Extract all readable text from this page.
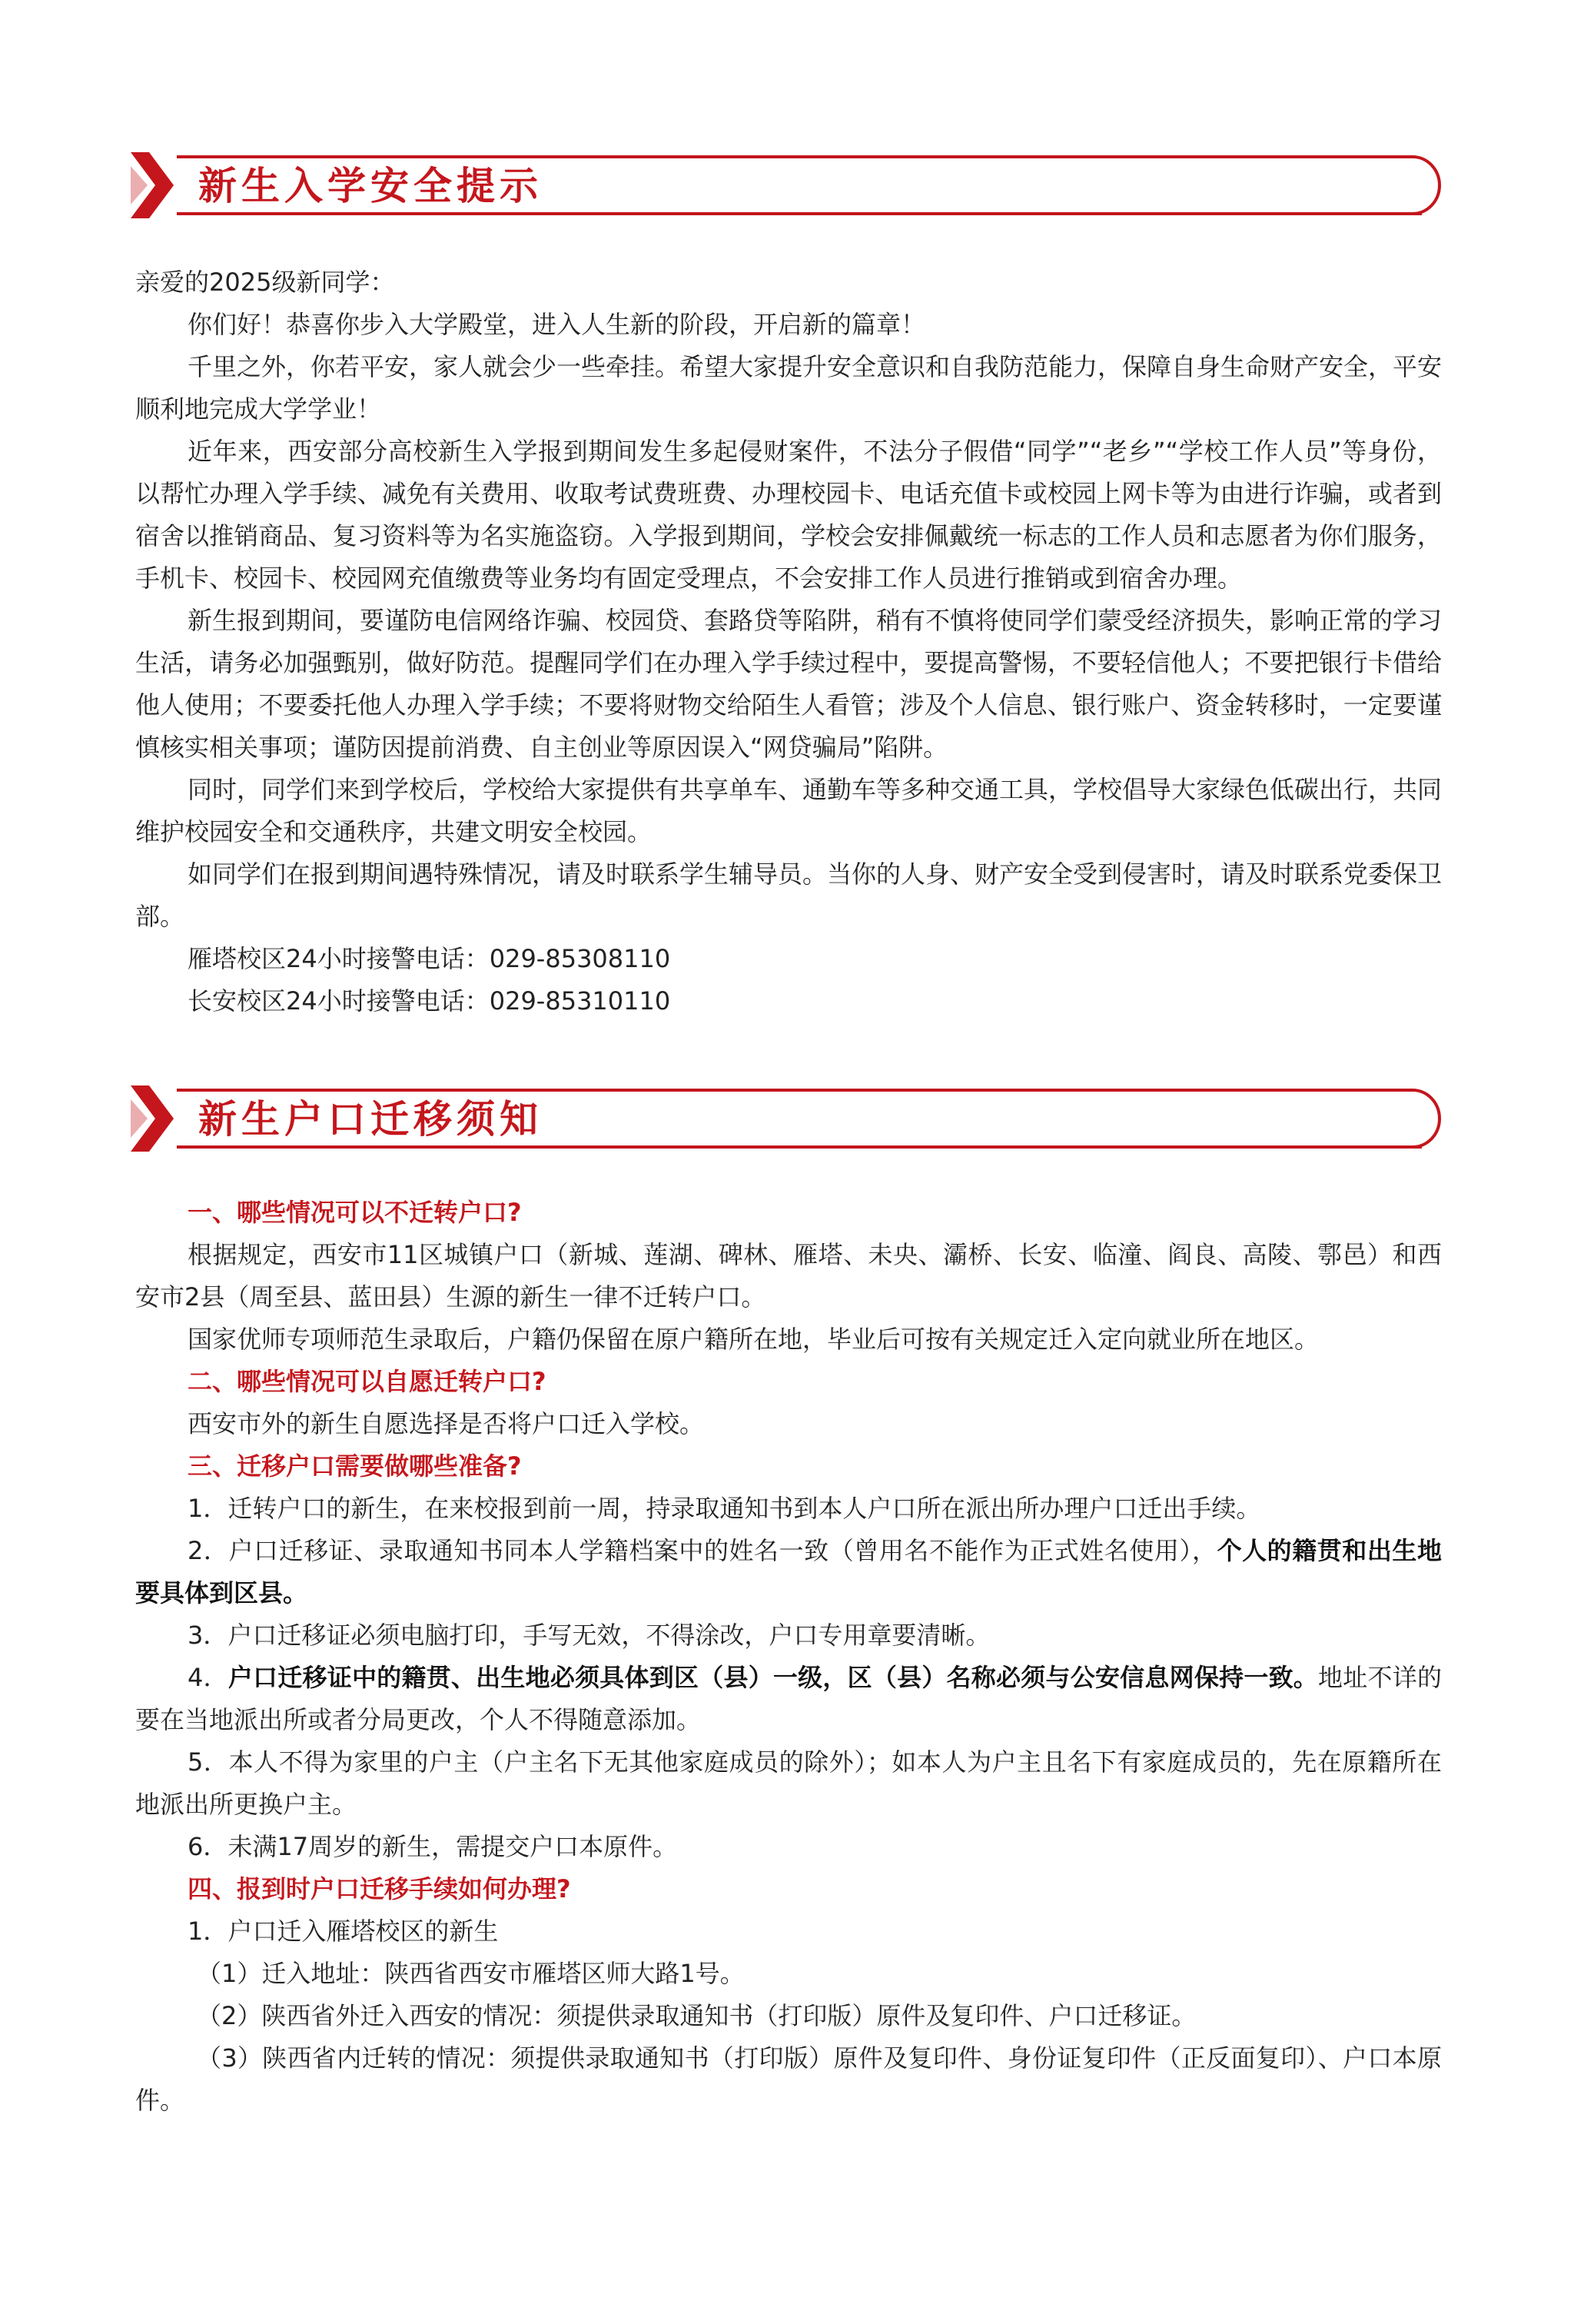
新生入学安全提示

亲爱的2025级新同学：

你们好！恭喜你步入大学殿堂，进入人生新的阶段，开启新的篇章！

千里之外，你若平安，家人就会少一些牵挂。希望大家提升安全意识和自我防范能力，保障自身生命财产安全，平安顺利地完成大学学业！

近年来，西安部分高校新生入学报到期间发生多起侵财案件，不法分子假借“同学”“老乡”“学校工作人员”等身份，以帮忙办理入学手续、减免有关费用、收取考试费班费、办理校园卡、电话充值卡或校园上网卡等为由进行诈骗，或者到宿舍以推销商品、复习资料等为名实施盗窃。入学报到期间，学校会安排佩戴统一标志的工作人员和志愿者为你们服务，手机卡、校园卡、校园网充值缴费等业务均有固定受理点，不会安排工作人员进行推销或到宿舍办理。

新生报到期间，要谨防电信网络诈骗、校园贷、套路贷等陷阱，稍有不慎将使同学们蒙受经济损失，影响正常的学习生活，请务必加强甄别，做好防范。提醒同学们在办理入学手续过程中，要提高警惕，不要轻信他人；不要把银行卡借给他人使用；不要委托他人办理入学手续；不要将财物交给陌生人看管；涉及个人信息、银行账户、资金转移时，一定要谨慎核实相关事项；谨防因提前消费、自主创业等原因误入“网贷骗局”陷阱。

同时，同学们来到学校后，学校给大家提供有共享单车、通勤车等多种交通工具，学校倡导大家绿色低碳出行，共同维护校园安全和交通秩序，共建文明安全校园。

如同学们在报到期间遇特殊情况，请及时联系学生辅导员。当你的人身、财产安全受到侵害时，请及时联系党委保卫部。

雁塔校区24小时接警电话：029-85308110

长安校区24小时接警电话：029-85310110

新生户口迁移须知
一、哪些情况可以不迁转户口?

根据规定，西安市11区城镇户口（新城、莲湖、碑林、雁塔、未央、灞桥、长安、临潼、阎良、高陵、鄠邑）和西安市2县（周至县、蓝田县）生源的新生一律不迁转户口。

国家优师专项师范生录取后，户籍仍保留在原户籍所在地，毕业后可按有关规定迁入定向就业所在地区。

二、哪些情况可以自愿迁转户口?

西安市外的新生自愿选择是否将户口迁入学校。

三、迁移户口需要做哪些准备?

1．迁转户口的新生，在来校报到前一周，持录取通知书到本人户口所在派出所办理户口迁出手续。

2．户口迁移证、录取通知书同本人学籍档案中的姓名一致（曾用名不能作为正式姓名使用），个人的籍贯和出生地要具体到区县。

3．户口迁移证必须电脑打印，手写无效，不得涂改，户口专用章要清晰。

4．户口迁移证中的籍贯、出生地必须具体到区（县）一级，区（县）名称必须与公安信息网保持一致。地址不详的要在当地派出所或者分局更改，个人不得随意添加。

5．本人不得为家里的户主（户主名下无其他家庭成员的除外）；如本人为户主且名下有家庭成员的，先在原籍所在地派出所更换户主。

6．未满17周岁的新生，需提交户口本原件。

四、报到时户口迁移手续如何办理?

1．户口迁入雁塔校区的新生

（1）迁入地址：陕西省西安市雁塔区师大路1号。

（2）陕西省外迁入西安的情况：须提供录取通知书（打印版）原件及复印件、户口迁移证。

（3）陕西省内迁转的情况：须提供录取通知书（打印版）原件及复印件、身份证复印件（正反面复印）、户口本原件。
